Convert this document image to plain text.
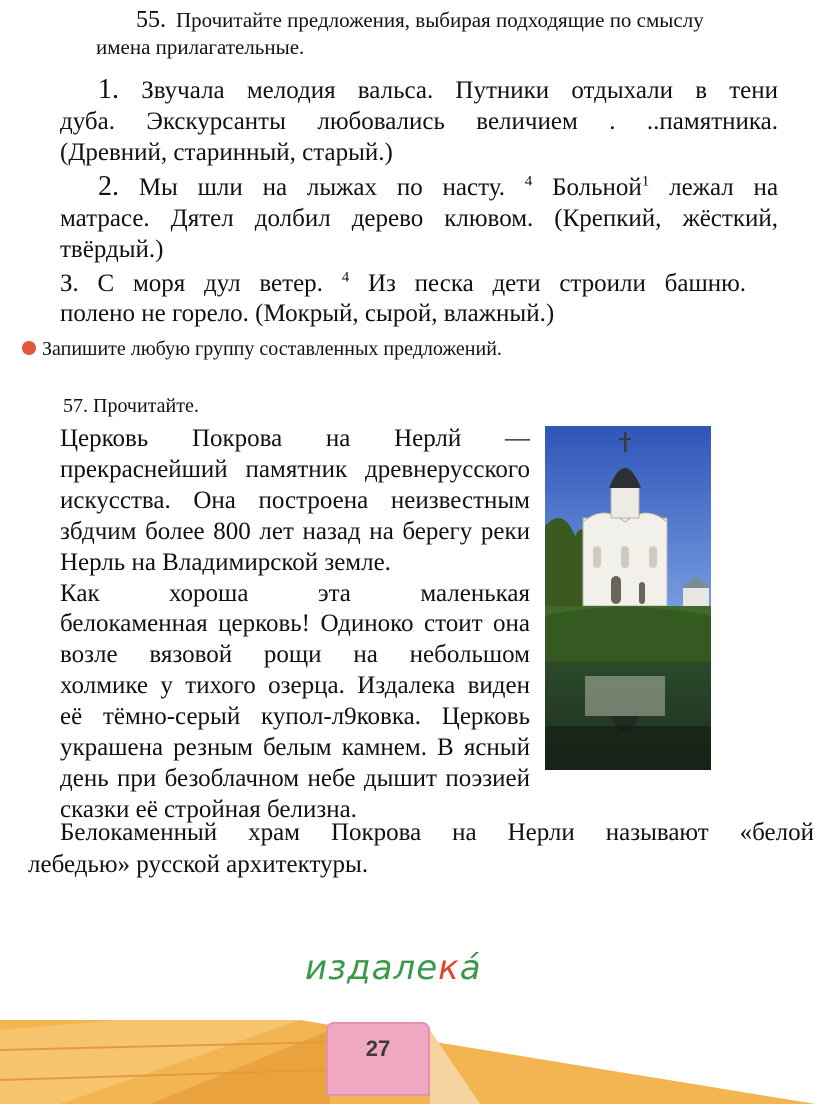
55. Прочитайте предложения, выбирая подходящие по смыслу
имена прилагательные.
1. Звучала мелодия вальса. Путники отдыхали в тени
дуба. Экскурсанты любовались величием . ..памятника.
(Древний, старинный, старый.)
2. Мы шли на лыжах по насту. $^4$ Больной$^1$ лежал на
матрасе. Дятел долбил дерево клювом. (Крепкий, жёсткий,
твёрдый.)
З. С моря дул ветер. $^4$ Из песка дети строили башню.
полено не горело. (Мокрый, сырой, влажный.)
Запишите любую группу составленных предложений.
57. Прочитайте.
Церковь Покрова на Нерлй —
прекраснейший памятник древнерусского
искусства. Она построена неизвестным
збдчим более 800 лет назад на берегу реки
Нерль на Владимирской земле.
Как хороша эта маленькая
белокаменная церковь! Одиноко стоит она
возле вязовой рощи на небольшом
холмике у тихого озерца. Издалека виден
её тёмно-серый купол-л9ковка. Церковь
украшена резным белым камнем. В ясный
день при безоблачном небе дышит поэзией
сказки её стройная белизна.
Белокаменный храм Покрова на Нерли называют «белой
лебедью» русской архитектуры.
издалекá
27
